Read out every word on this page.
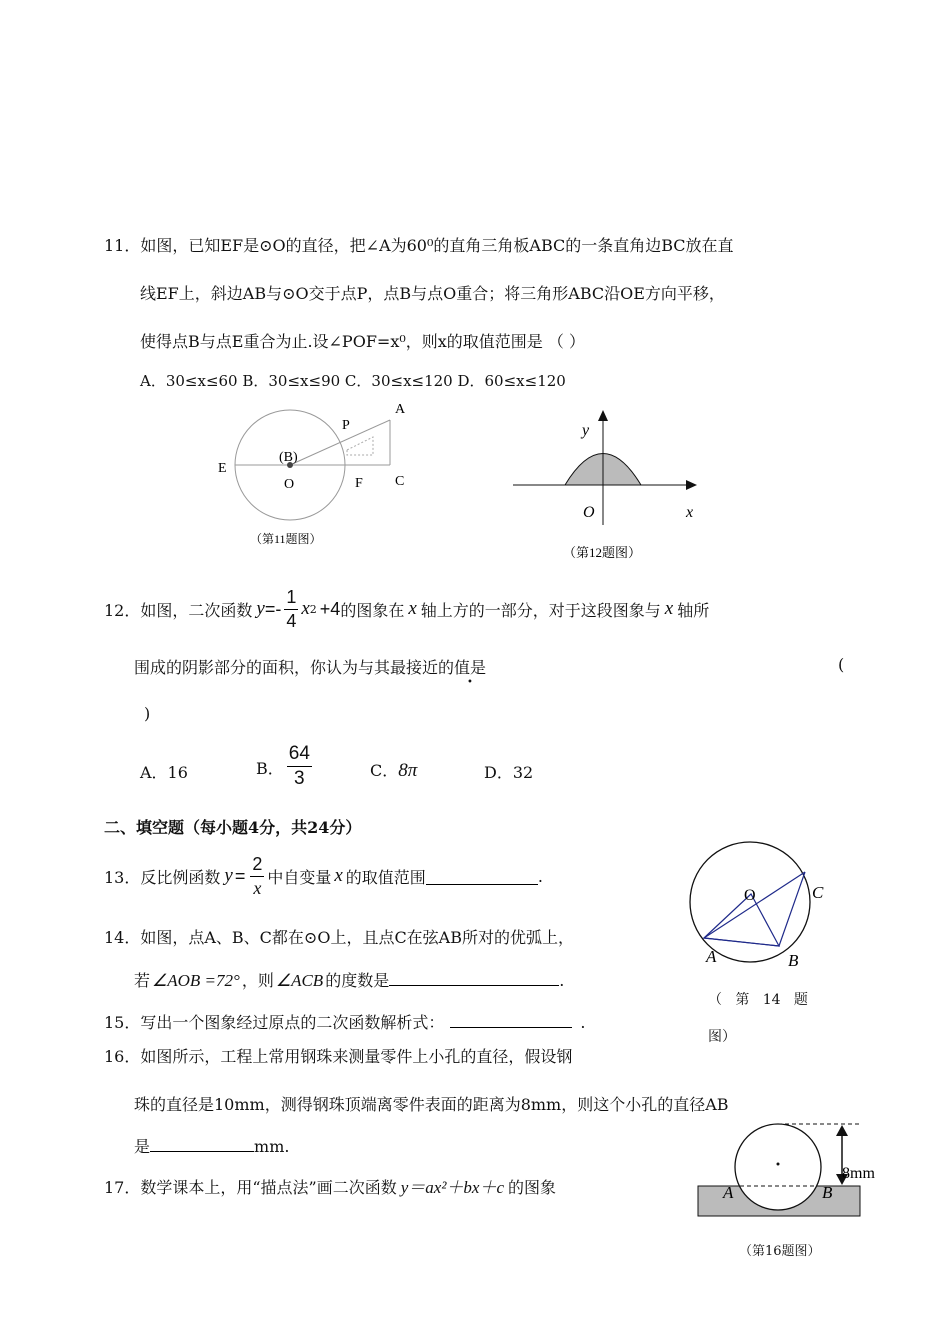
11．如图，已知EF是⊙O的直径，把∠A为60⁰的直角三角板ABC的一条直角边BC放在直
线EF上，斜边AB与⊙O交于点P，点B与点O重合；将三角形ABC沿OE方向平移，
使得点B与点E重合为止.设∠POF=x⁰，则x的取值范围是 （ ）
A．30≤x≤60 B．30≤x≤90 C．30≤x≤120 D．60≤x≤120
A
P
(B)
E
O	F C
（第11题图）
y
O	x
（第12题图）
12．如图，二次函数 $y =- \frac{1}{4}$ x 2 +4 的图象在 x 轴上方的一部分，对于这段图象与 x 轴所
围成的阴影部分的面积，你认为与其最接近的值是
•
(
)
A．16	B． $\frac{64}{3}$	C．8π	D．32
二、填空题（每小题4分，共24分）
13．反比例函数 $y = \frac{2}{x}$ 中自变量 x 的取值范围	.
O	C
A	B
（   第   14   题
图）
14．如图，点A、B、C都在⊙O上，且点C在弦AB所对的优弧上，
若 ∠AOB =72° ，则 ∠ACB 的度数是	.
15．写出一个图象经过原点的二次函数解析式：	.
16．如图所示，工程上常用钢珠来测量零件上小孔的直径，假设钢
珠的直径是10mm，测得钢珠顶端离零件表面的距离为8mm，则这个小孔的直径AB
是	mm.
A	B
8mm
（第16题图）
17．数学课本上，用“描点法”画二次函数 y＝ax²＋bx＋c 的图象
